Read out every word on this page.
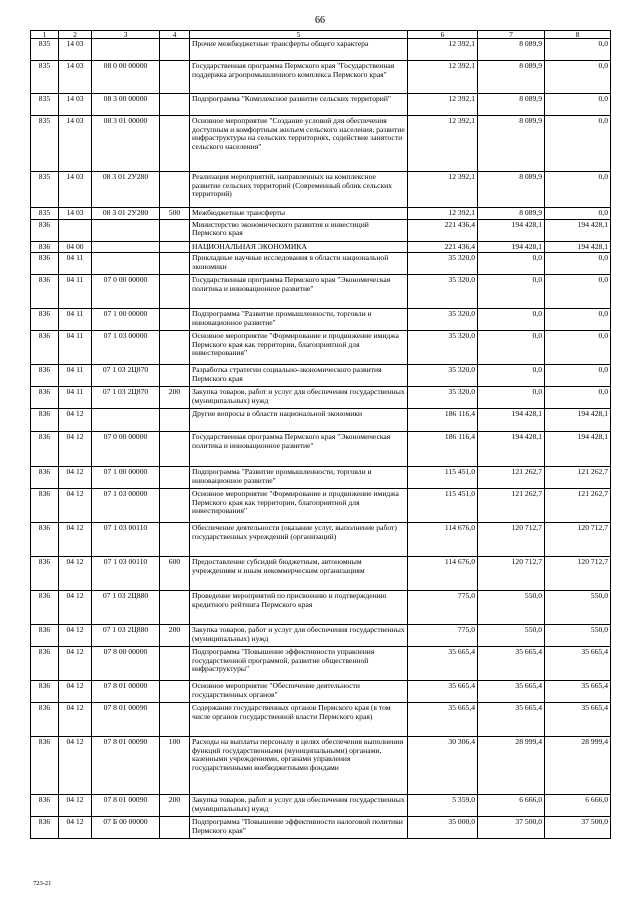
66
1	2	3	4	5	6	7	8
835	14 03			Прочие межбюджетные трансферты общего характера	12 392,1	8 089,9	0,0
835	14 03	08 0 00 00000		Государственная программа Пермского края "Государственная поддержка агропромышленного комплекса Пермского края"	12 392,1	8 089,9	0,0
835	14 03	08 3 00 00000		Подпрограмма "Комплексное развитие сельских территорий"	12 392,1	8 089,9	0,0
835	14 03	08 3 01 00000		Основное мероприятие "Создание условий для обеспечения доступным и комфортным жильем сельского населения, развитие инфраструктуры на сельских территориях, содействие занятости сельского населения"	12 392,1	8 089,9	0,0
835	14 03	08 3 01 2У280		Реализация мероприятий, направленных на комплексное развитие сельских территорий (Современный облик сельских территорий)	12 392,1	8 089,9	0,0
835	14 03	08 3 01 2У280	500	Межбюджетные трансферты	12 392,1	8 089,9	0,0
836				Министерство экономического развития и инвестиций Пермского края	221 436,4	194 428,1	194 428,1
836	04 00			НАЦИОНАЛЬНАЯ ЭКОНОМИКА	221 436,4	194 428,1	194 428,1
836	04 11			Прикладные научные исследования в области национальной экономики	35 320,0	0,0	0,0
836	04 11	07 0 00 00000		Государственная программа Пермского края "Экономическая политика и инновационное развитие"	35 320,0	0,0	0,0
836	04 11	07 1 00 00000		Подпрограмма "Развитие промышленности, торговли и инновационное развитие"	35 320,0	0,0	0,0
836	04 11	07 1 03 00000		Основное мероприятие "Формирование и продвижение имиджа Пермского края как территории, благоприятной для инвестирования"	35 320,0	0,0	0,0
836	04 11	07 1 03 2Ц870		Разработка стратегии социально-экономического развития Пермского края	35 320,0	0,0	0,0
836	04 11	07 1 03 2Ц870	200	Закупка товаров, работ и услуг для обеспечения государственных (муниципальных) нужд	35 320,0	0,0	0,0
836	04 12			Другие вопросы в области национальной экономики	186 116,4	194 428,1	194 428,1
836	04 12	07 0 00 00000		Государственная программа Пермского края "Экономическая политика и инновационное развитие"	186 116,4	194 428,1	194 428,1
836	04 12	07 1 00 00000		Подпрограмма "Развитие промышленности, торговли и инновационное развитие"	115 451,0	121 262,7	121 262,7
836	04 12	07 1 03 00000		Основное мероприятие "Формирование и продвижение имиджа Пермского края как территории, благоприятной для инвестирования"	115 451,0	121 262,7	121 262,7
836	04 12	07 1 03 00110		Обеспечение деятельности (оказание услуг, выполнение работ) государственных учреждений (организаций)	114 676,0	120 712,7	120 712,7
836	04 12	07 1 03 00110	600	Предоставление субсидий бюджетным, автономным учреждениям и иным некоммерческим организациям	114 676,0	120 712,7	120 712,7
836	04 12	07 1 03 2Ц880		Проведение мероприятий по присвоению и подтверждению кредитного рейтинга Пермского края	775,0	550,0	550,0
836	04 12	07 1 03 2Ц880	200	Закупка товаров, работ и услуг для обеспечения государственных (муниципальных) нужд	775,0	550,0	550,0
836	04 12	07 8 00 00000		Подпрограмма "Повышение эффективности управления государственной программой, развитие общественной инфраструктуры"	35 665,4	35 665,4	35 665,4
836	04 12	07 8 01 00000		Основное мероприятие "Обеспечение деятельности государственных органов"	35 665,4	35 665,4	35 665,4
836	04 12	07 8 01 00090		Содержание государственных органов Пермского края (в том числе органов государственной власти Пермского края)	35 665,4	35 665,4	35 665,4
836	04 12	07 8 01 00090	100	Расходы на выплаты персоналу в целях обеспечения выполнения функций государственными (муниципальными) органами, казенными учреждениями, органами управления государственными внебюджетными фондами	30 306,4	28 999,4	28 999,4
836	04 12	07 8 01 00090	200	Закупка товаров, работ и услуг для обеспечения государственных (муниципальных) нужд	5 359,0	6 666,0	6 666,0
836	04 12	07 Б 00 00000		Подпрограмма "Повышение эффективности налоговой политики Пермского края"	35 000,0	37 500,0	37 500,0
723-21
